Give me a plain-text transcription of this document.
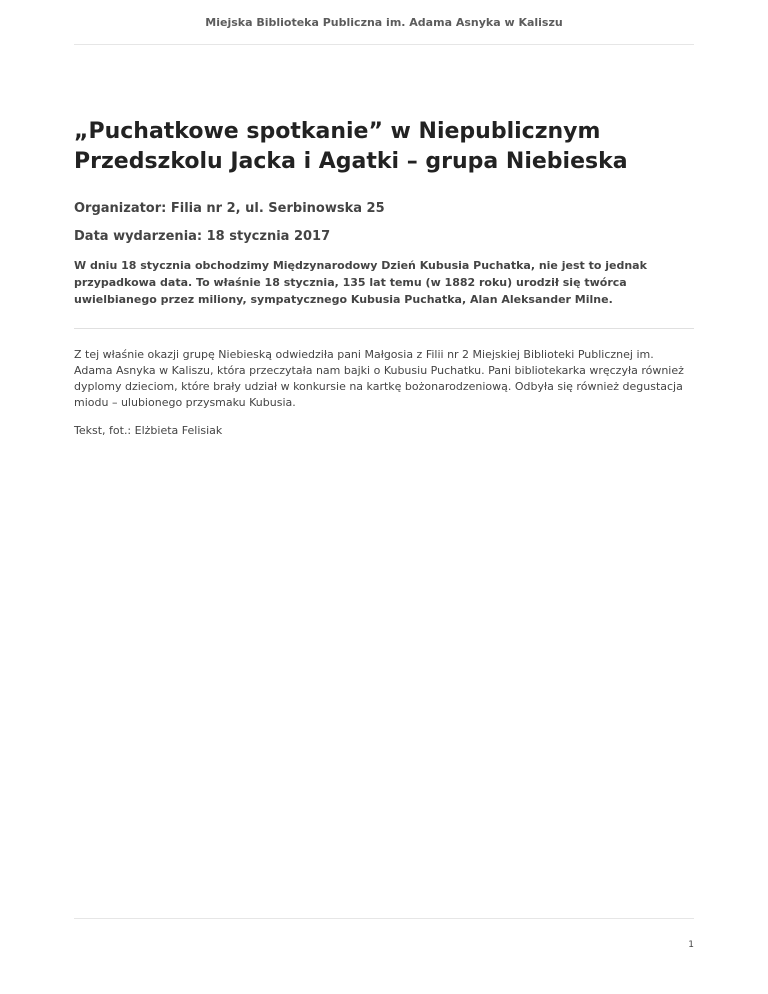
Miejska Biblioteka Publiczna im. Adama Asnyka w Kaliszu
„Puchatkowe spotkanie” w Niepublicznym Przedszkolu Jacka i Agatki – grupa Niebieska

Organizator: Filia nr 2, ul. Serbinowska 25

Data wydarzenia: 18 stycznia 2017

W dniu 18 stycznia obchodzimy Międzynarodowy Dzień Kubusia Puchatka, nie jest to jednak przypadkowa data. To właśnie 18 stycznia, 135 lat temu (w 1882 roku) urodził się twórca uwielbianego przez miliony, sympatycznego Kubusia Puchatka, Alan Aleksander Milne.

Z tej właśnie okazji grupę Niebieską odwiedziła pani Małgosia z Filii nr 2 Miejskiej Biblioteki Publicznej im. Adama Asnyka w Kaliszu, która przeczytała nam bajki o Kubusiu Puchatku. Pani bibliotekarka wręczyła również dyplomy dzieciom, które brały udział w konkursie na kartkę bożonarodzeniową. Odbyła się również degustacja miodu – ulubionego przysmaku Kubusia.

Tekst, fot.: Elżbieta Felisiak

1
